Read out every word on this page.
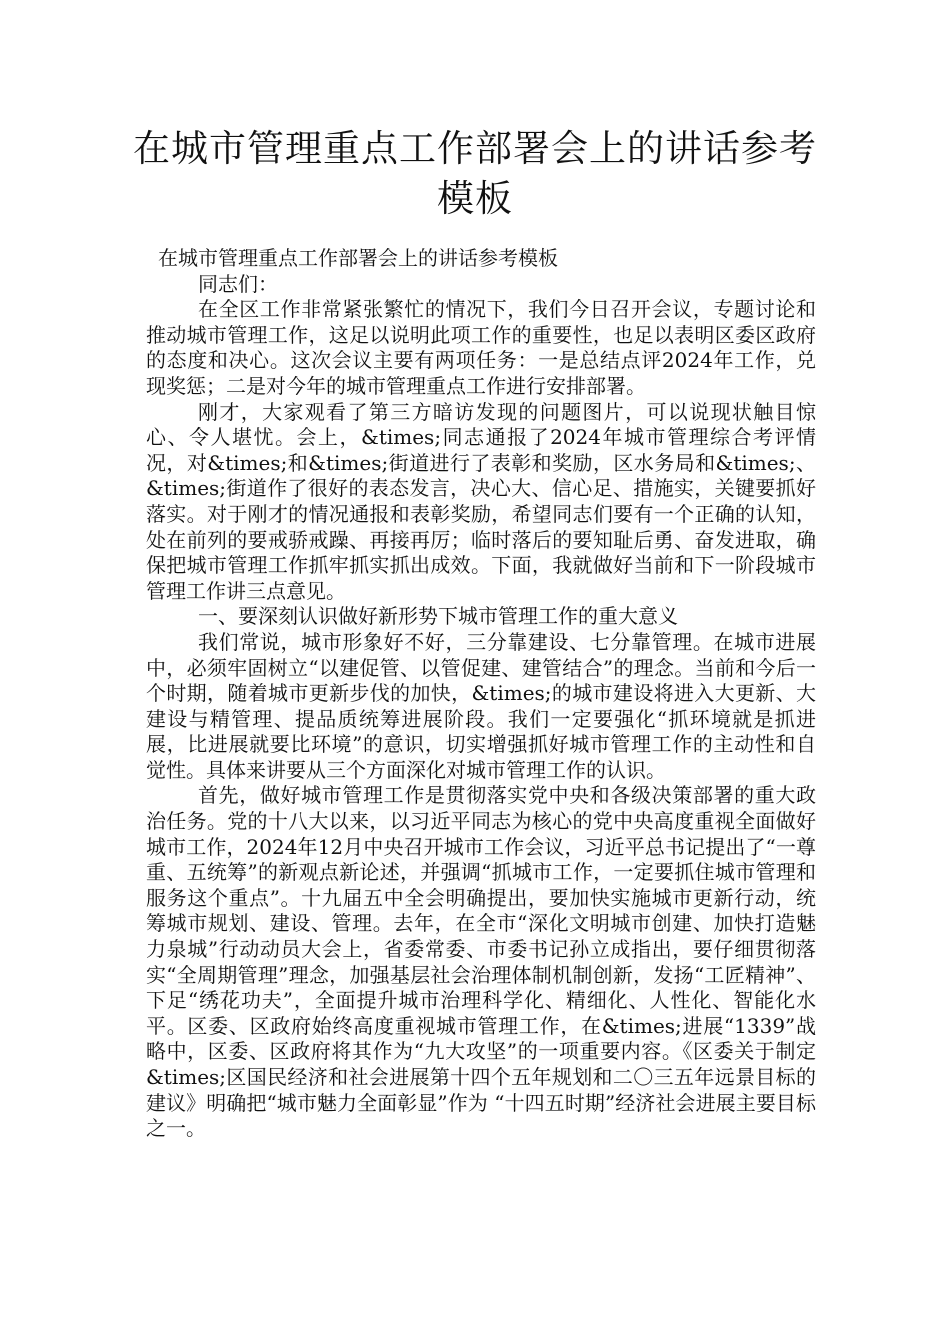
在城市管理重点工作部署会上的讲话参考模板

在城市管理重点工作部署会上的讲话参考模板

同志们：

在全区工作非常紧张繁忙的情况下，我们今日召开会议，专题讨论和推动城市管理工作，这足以说明此项工作的重要性，也足以表明区委区政府的态度和决心。这次会议主要有两项任务：一是总结点评2024年工作，兑现奖惩；二是对今年的城市管理重点工作进行安排部署。

刚才，大家观看了第三方暗访发现的问题图片，可以说现状触目惊心、令人堪忧。会上，&times;同志通报了2024年城市管理综合考评情况，对&times;和&times;街道进行了表彰和奖励，区水务局和&times;、&times;街道作了很好的表态发言，决心大、信心足、措施实，关键要抓好落实。对于刚才的情况通报和表彰奖励，希望同志们要有一个正确的认知，处在前列的要戒骄戒躁、再接再厉；临时落后的要知耻后勇、奋发进取，确保把城市管理工作抓牢抓实抓出成效。下面，我就做好当前和下一阶段城市管理工作讲三点意见。

一、要深刻认识做好新形势下城市管理工作的重大意义

我们常说，城市形象好不好，三分靠建设、七分靠管理。在城市进展中，必须牢固树立“以建促管、以管促建、建管结合”的理念。当前和今后一个时期，随着城市更新步伐的加快，&times;的城市建设将进入大更新、大建设与精管理、提品质统筹进展阶段。我们一定要强化“抓环境就是抓进展，比进展就要比环境”的意识，切实增强抓好城市管理工作的主动性和自觉性。具体来讲要从三个方面深化对城市管理工作的认识。

首先，做好城市管理工作是贯彻落实党中央和各级决策部署的重大政治任务。党的十八大以来，以习近平同志为核心的党中央高度重视全面做好城市工作，2024年12月中央召开城市工作会议，习近平总书记提出了“一尊重、五统筹”的新观点新论述，并强调“抓城市工作，一定要抓住城市管理和服务这个重点”。十九届五中全会明确提出，要加快实施城市更新行动，统筹城市规划、建设、管理。去年，在全市“深化文明城市创建、加快打造魅力泉城”行动动员大会上，省委常委、市委书记孙立成指出，要仔细贯彻落实“全周期管理”理念，加强基层社会治理体制机制创新，发扬“工匠精神”、下足“绣花功夫”，全面提升城市治理科学化、精细化、人性化、智能化水平。区委、区政府始终高度重视城市管理工作，在&times;进展“1339”战略中，区委、区政府将其作为“九大攻坚”的一项重要内容。《区委关于制定&times;区国民经济和社会进展第十四个五年规划和二〇三五年远景目标的建议》明确把“城市魅力全面彰显”作为 “十四五时期”经济社会进展主要目标之一。
